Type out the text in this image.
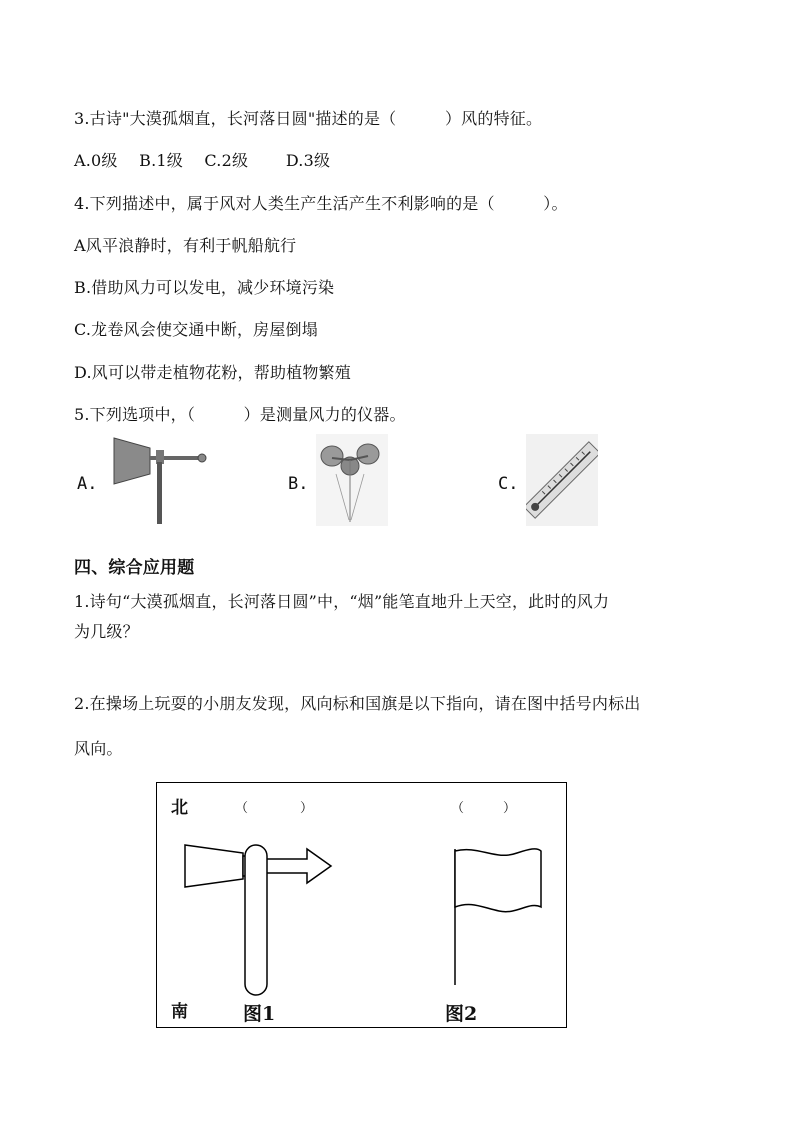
3.古诗"大漠孤烟直，长河落日圆"描述的是（　　　）风的特征。
A.0级　 B.1级　 C.2级　　 D.3级
4.下列描述中，属于风对人类生产生活产生不利影响的是（　　　）。
A风平浪静时，有利于帆船航行
B.借助风力可以发电，减少环境污染
C.龙卷风会使交通中断，房屋倒塌
D.风可以带走植物花粉，帮助植物繁殖
5.下列选项中，（　　　）是测量风力的仪器。
A.	B.	C.
四、综合应用题
1.诗句“大漠孤烟直，长河落日圆”中，“烟”能笔直地升上天空，此时的风力
为几级？
2.在操场上玩耍的小朋友发现，风向标和国旗是以下指向，请在图中括号内标出
风向。
北	（　　　　）	（　　　）
南	图1	图2
